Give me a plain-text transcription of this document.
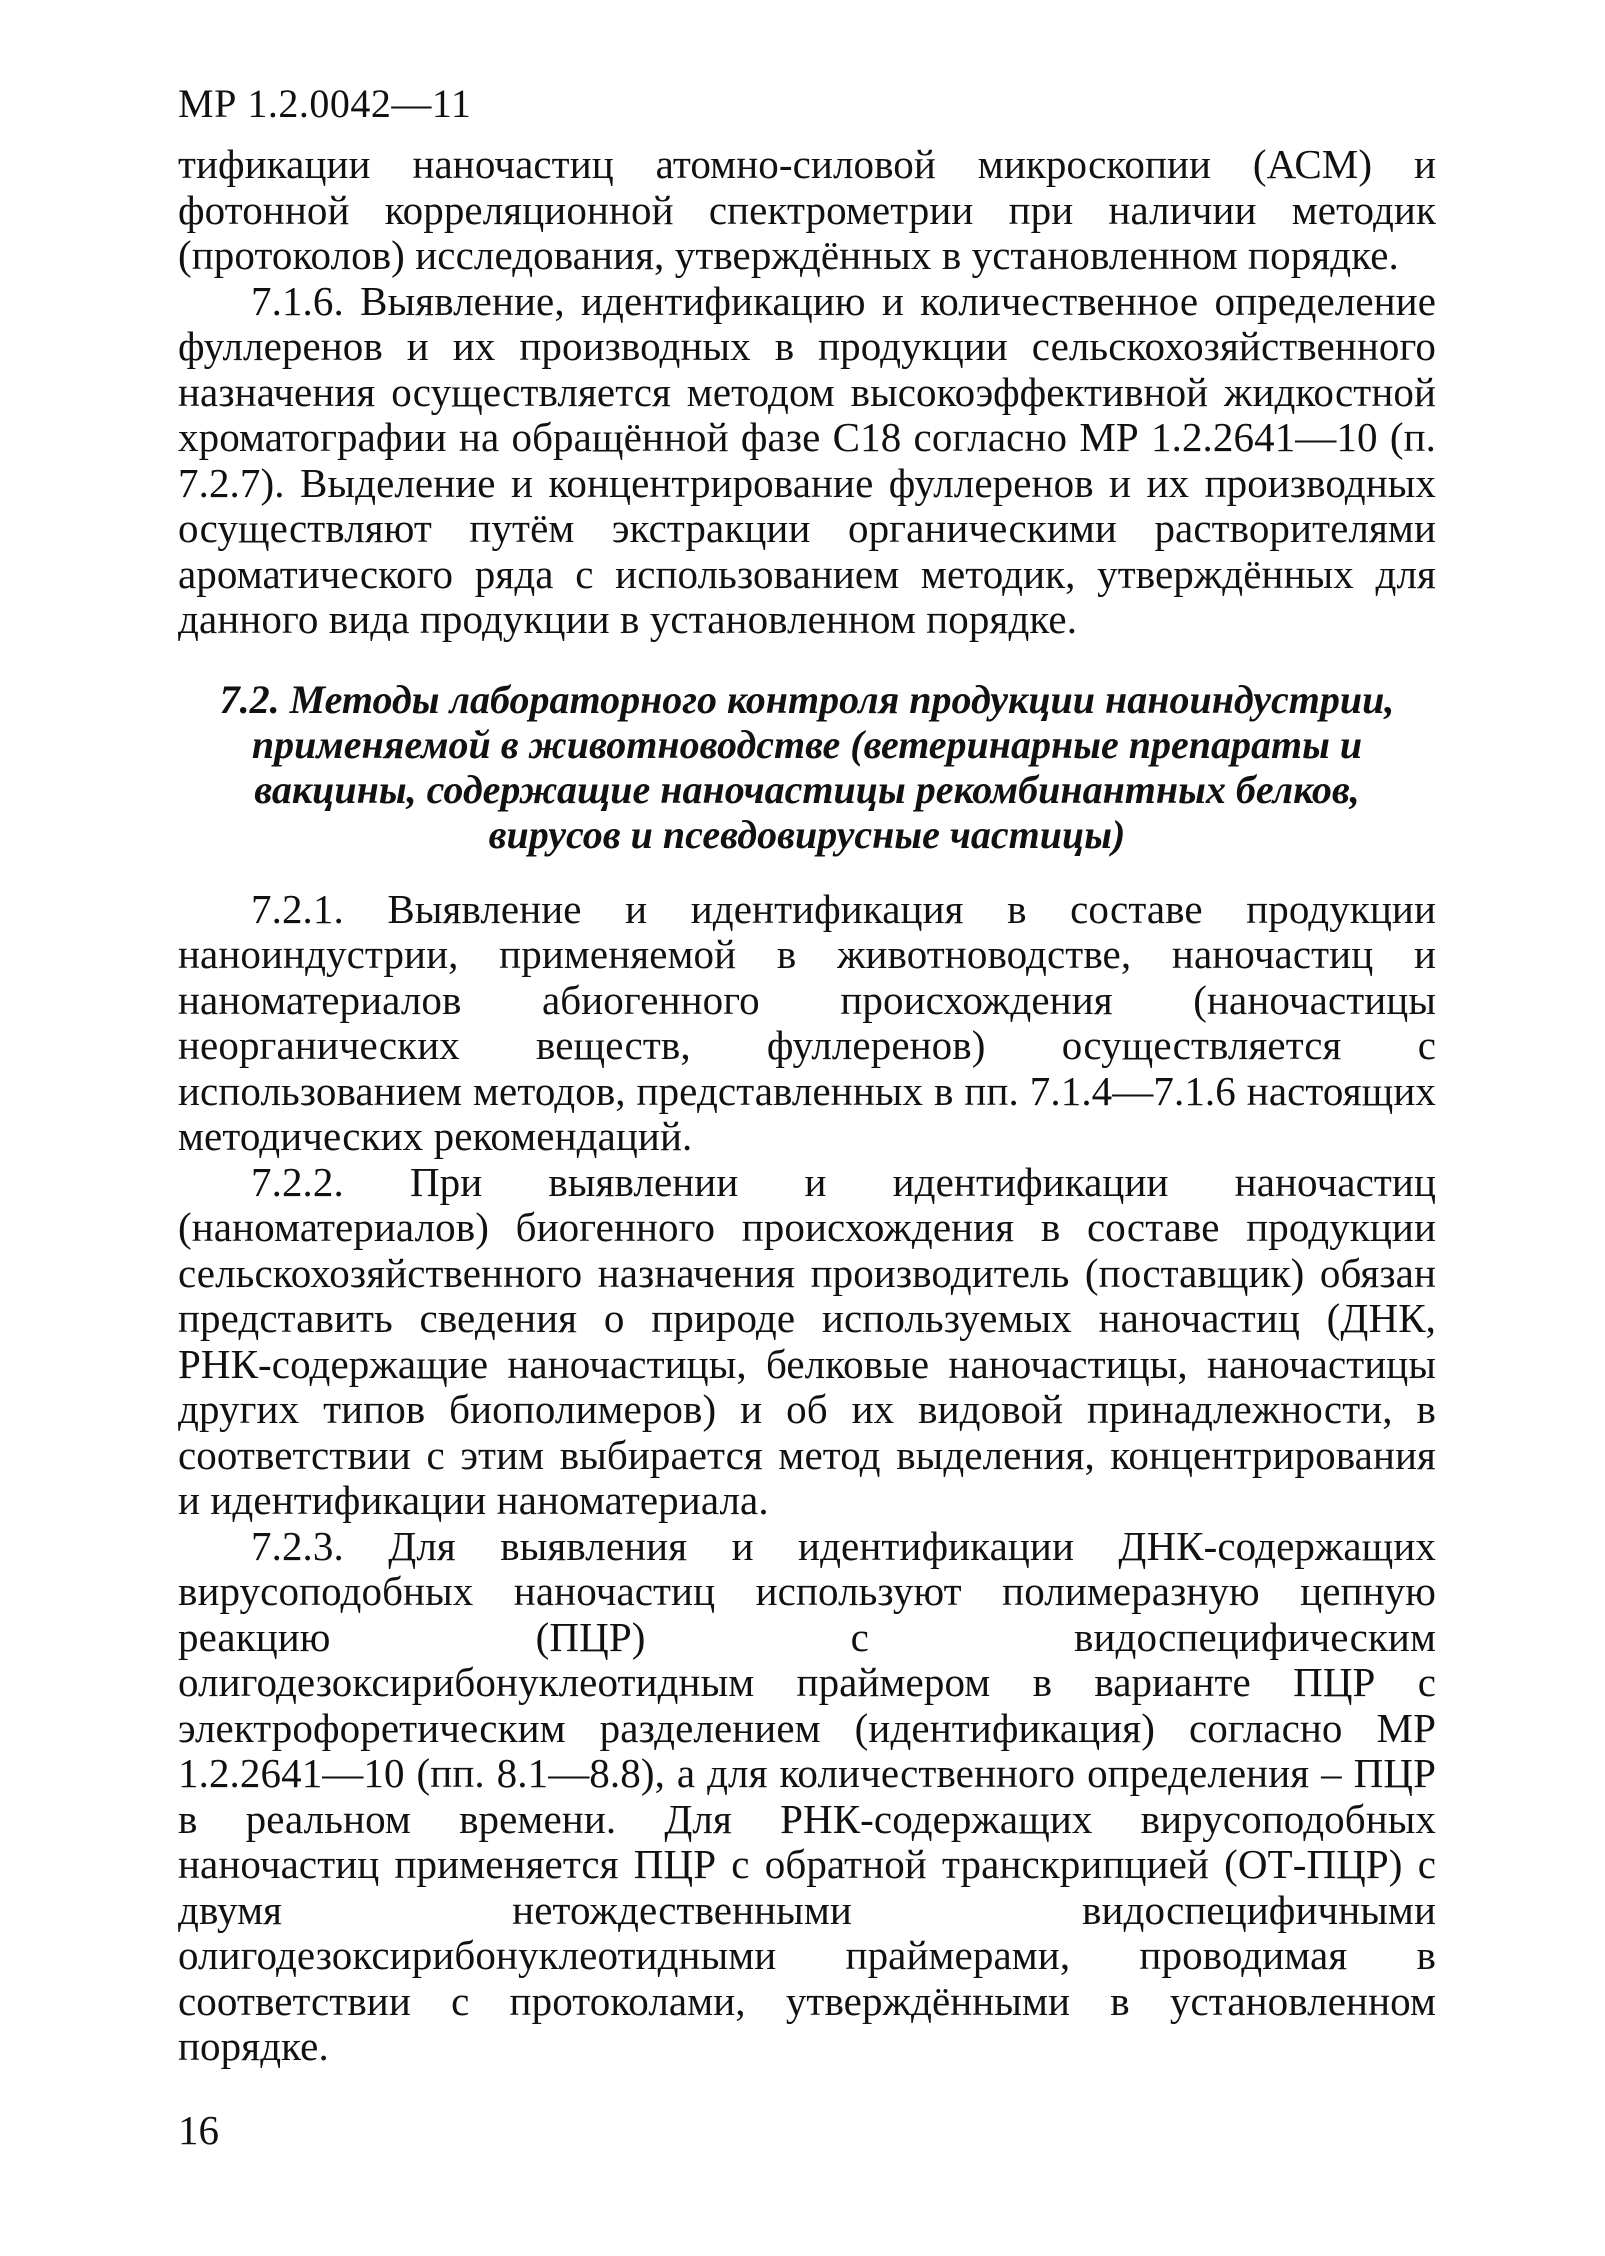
МР 1.2.0042—11

тификации наночастиц атомно-силовой микроскопии (АСМ) и фотонной корреляционной спектрометрии при наличии методик (протоколов) исследования, утверждённых в установленном порядке.

7.1.6. Выявление, идентификацию и количественное определение фуллеренов и их производных в продукции сельскохозяйственного назначения осуществляется методом высокоэффективной жидкостной хроматографии на обращённой фазе С18 согласно МР 1.2.2641—10 (п. 7.2.7). Выделение и концентрирование фуллеренов и их производных осуществляют путём экстракции органическими растворителями ароматического ряда с использованием методик, утверждённых для данного вида продукции в установленном порядке.

7.2. Методы лабораторного контроля продукции наноиндустрии, применяемой в животноводстве (ветеринарные препараты и вакцины, содержащие наночастицы рекомбинантных белков, вирусов и псевдовирусные частицы)

7.2.1. Выявление и идентификация в составе продукции наноиндустрии, применяемой в животноводстве, наночастиц и наноматериалов абиогенного происхождения (наночастицы неорганических веществ, фуллеренов) осуществляется с использованием методов, представленных в пп. 7.1.4—7.1.6 настоящих методических рекомендаций.

7.2.2. При выявлении и идентификации наночастиц (наноматериалов) биогенного происхождения в составе продукции сельскохозяйственного назначения производитель (поставщик) обязан представить сведения о природе используемых наночастиц (ДНК, РНК-содержащие наночастицы, белковые наночастицы, наночастицы других типов биополимеров) и об их видовой принадлежности, в соответствии с этим выбирается метод выделения, концентрирования и идентификации наноматериала.

7.2.3. Для выявления и идентификации ДНК-содержащих вирусоподобных наночастиц используют полимеразную цепную реакцию (ПЦР) с видоспецифическим олигодезоксирибонуклеотидным праймером в варианте ПЦР с электрофоретическим разделением (идентификация) согласно МР 1.2.2641—10 (пп. 8.1—8.8), а для количественного определения – ПЦР в реальном времени. Для РНК-содержащих вирусоподобных наночастиц применяется ПЦР с обратной транскрипцией (ОТ-ПЦР) с двумя нетождественными видоспецифичными олигодезоксирибонуклеотидными праймерами, проводимая в соответствии с протоколами, утверждёнными в установленном порядке.

16
